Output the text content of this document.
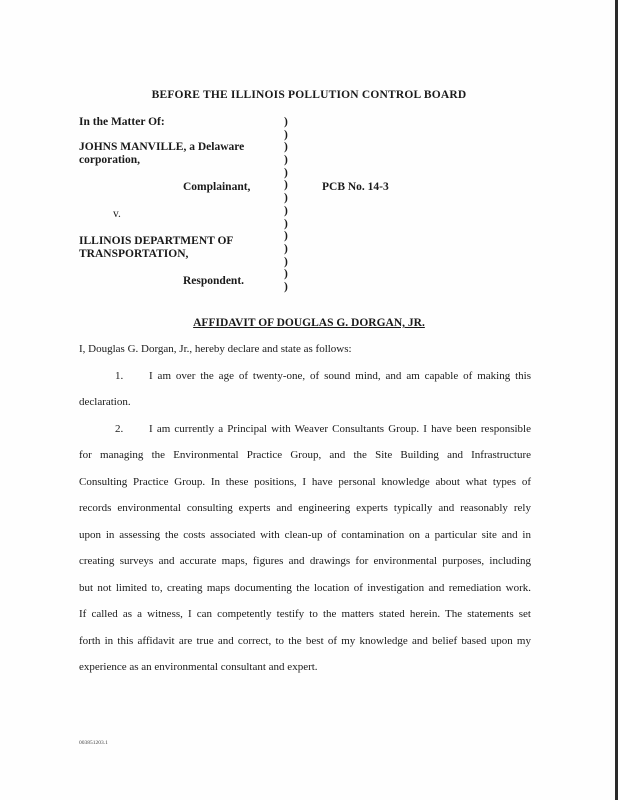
BEFORE THE ILLINOIS POLLUTION CONTROL BOARD
In the Matter Of:
JOHNS MANVILLE, a Delaware
corporation,
Complainant,
v.
ILLINOIS DEPARTMENT OF
TRANSPORTATION,
Respondent.
)
)
)
)
)
)
)
)
)
)
)
)
)
)
PCB No. 14-3
AFFIDAVIT OF DOUGLAS G. DORGAN, JR.
I, Douglas G. Dorgan, Jr., hereby declare and state as follows:
1. I am over the age of twenty-one, of sound mind, and am capable of making this
declaration.
2. I am currently a Principal with Weaver Consultants Group. I have been responsible
for managing the Environmental Practice Group, and the Site Building and Infrastructure
Consulting Practice Group. In these positions, I have personal knowledge about what types of
records environmental consulting experts and engineering experts typically and reasonably rely
upon in assessing the costs associated with clean-up of contamination on a particular site and in
creating surveys and accurate maps, figures and drawings for environmental purposes, including
but not limited to, creating maps documenting the location of investigation and remediation work.
If called as a witness, I can competently testify to the matters stated herein. The statements set
forth in this affidavit are true and correct, to the best of my knowledge and belief based upon my
experience as an environmental consultant and expert.
003851203.1
